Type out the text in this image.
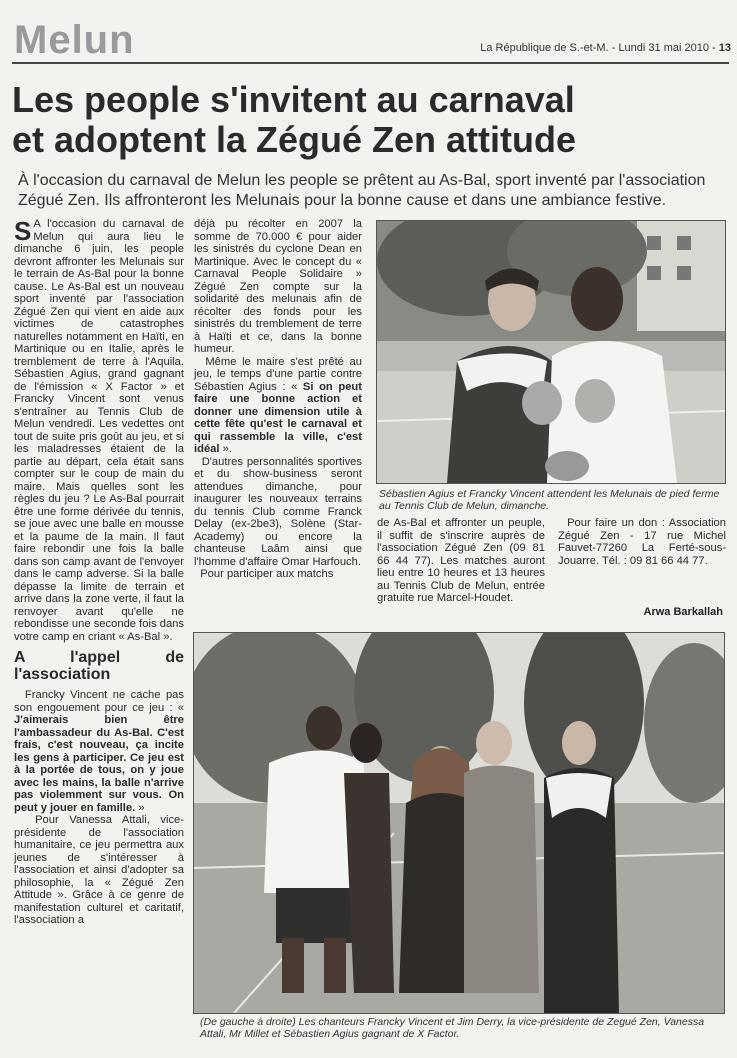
Melun	La République de S.-et-M. - Lundi 31 mai 2010 - 13
Les people s'invitent au carnaval
et adoptent la Zégué Zen attitude
À l'occasion du carnaval de Melun les people se prêtent au As-Bal, sport inventé par l'association Zégué Zen. Ils affronteront les Melunais pour la bonne cause et dans une ambiance festive.

S A l'occasion du carnaval de Melun qui aura lieu le dimanche 6 juin, les people devront affronter les Melunais sur le terrain de As-Bal pour la bonne cause. Le As-Bal est un nouveau sport inventé par l'association Zégué Zen qui vient en aide aux victimes de catastrophes naturelles notamment en Haïti, en Martinique ou en Italie, après le tremblement de terre à l'Aquila. Sébastien Agius, grand gagnant de l'émission « X Factor » et Francky Vincent sont venus s'entraîner au Tennis Club de Melun vendredi. Les vedettes ont tout de suite pris goût au jeu, et si les maladresses étaient de la partie au départ, cela était sans compter sur le coup de main du maire. Mais quelles sont les règles du jeu ? Le As-Bal pourrait être une forme dérivée du tennis, se joue avec une balle en mousse et la paume de la main. Il faut faire rebondir une fois la balle dans son camp avant de l'envoyer dans le camp adverse. Si la balle dépasse la limite de terrain et arrive dans la zone verte, il faut la renvoyer avant qu'elle ne rebondisse une seconde fois dans votre camp en criant « As-Bal ».

A l'appel de l'association

Francky Vincent ne cache pas son engouement pour ce jeu : « J'aimerais bien être l'ambassadeur du As-Bal. C'est frais, c'est nouveau, ça incite les gens à participer. Ce jeu est à la portée de tous, on y joue avec les mains, la balle n'arrive pas violemment sur vous. On peut y jouer en famille. »

Pour Vanessa Attali, vice-présidente de l'association humanitaire, ce jeu permettra aux jeunes de s'intéresser à l'association et ainsi d'adopter sa philosophie, la « Zégué Zen Attitude ». Grâce à ce genre de manifestation culturel et caritatif, l'association a

déjà pu récolter en 2007 la somme de 70.000 € pour aider les sinistrés du cyclone Dean en Martinique. Avec le concept du « Carnaval People Solidaire » Zégué Zen compte sur la solidarité des melunais afin de récolter des fonds pour les sinistrés du tremblement de terre à Haïti et ce, dans la bonne humeur.

Même le maire s'est prêté au jeu, le temps d'une partie contre Sébastien Agius : « Si on peut faire une bonne action et donner une dimension utile à cette fête qu'est le carnaval et qui rassemble la ville, c'est idéal ».

D'autres personnalités sportives et du show-business seront attendues dimanche, pour inaugurer les nouveaux terrains du tennis Club comme Franck Delay (ex-2be3), Solène (Star-Academy) ou encore la chanteuse Laâm ainsi que l'homme d'affaire Omar Harfouch.

Pour participer aux matchs

Sébastien Agius et Francky Vincent attendent les Melunais de pied ferme au Tennis Club de Melun, dimanche.

de As-Bal et affronter un peuple, il suffit de s'inscrire auprès de l'association Zégué Zen (09 81 66 44 77). Les matches auront lieu entre 10 heures et 13 heures au Tennis Club de Melun, entrée gratuite rue Marcel-Houdet.

Pour faire un don : Association Zégué Zen - 17 rue Michel Fauvet-77260 La Ferté-sous-Jouarre. Tél. : 09 81 66 44 77.

Arwa Barkallah
(De gauche à droite) Les chanteurs Francky Vincent et Jim Derry, la vice-présidente de Zegué Zen, Vanessa Attali, Mr Millet et Sébastien Agius gagnant de X Factor.
